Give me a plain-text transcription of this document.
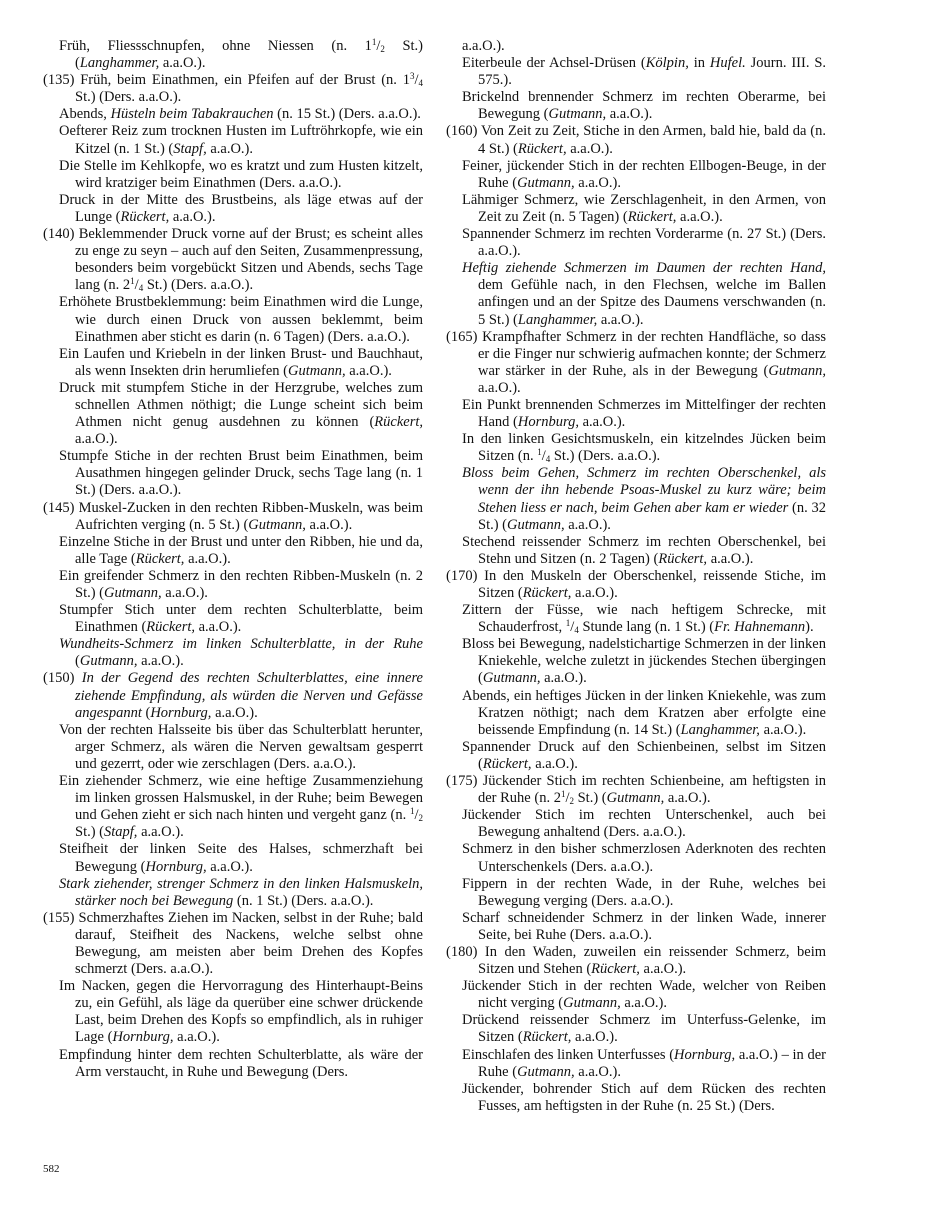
Früh, Fliessschnupfen, ohne Niessen (n. $1^1/_2$ St.) (Langhammer, a.a.O.).

(135) Früh, beim Einathmen, ein Pfeifen auf der Brust (n. $1^3/_4$ St.) (Ders. a.a.O.).

Abends, Hüsteln beim Tabakrauchen (n. 15 St.) (Ders. a.a.O.).

Oefterer Reiz zum trocknen Husten im Luftröhrkopfe, wie ein Kitzel (n. 1 St.) (Stapf, a.a.O.).

Die Stelle im Kehlkopfe, wo es kratzt und zum Husten kitzelt, wird kratziger beim Einathmen (Ders. a.a.O.).

Druck in der Mitte des Brustbeins, als läge etwas auf der Lunge (Rückert, a.a.O.).

(140) Beklemmender Druck vorne auf der Brust; es scheint alles zu enge zu seyn – auch auf den Seiten, Zusammenpressung, besonders beim vorgebückt Sitzen und Abends, sechs Tage lang (n. $2^1/_4$ St.) (Ders. a.a.O.).

Erhöhete Brustbeklemmung: beim Einathmen wird die Lunge, wie durch einen Druck von aussen beklemmt, beim Einathmen aber sticht es darin (n. 6 Tagen) (Ders. a.a.O.).

Ein Laufen und Kriebeln in der linken Brust- und Bauchhaut, als wenn Insekten drin herumliefen (Gutmann, a.a.O.).

Druck mit stumpfem Stiche in der Herzgrube, welches zum schnellen Athmen nöthigt; die Lunge scheint sich beim Athmen nicht genug ausdehnen zu können (Rückert, a.a.O.).

Stumpfe Stiche in der rechten Brust beim Einathmen, beim Ausathmen hingegen gelinder Druck, sechs Tage lang (n. 1 St.) (Ders. a.a.O.).

(145) Muskel-Zucken in den rechten Ribben-Muskeln, was beim Aufrichten verging (n. 5 St.) (Gutmann, a.a.O.).

Einzelne Stiche in der Brust und unter den Ribben, hie und da, alle Tage (Rückert, a.a.O.).

Ein greifender Schmerz in den rechten Ribben-Muskeln (n. 2 St.) (Gutmann, a.a.O.).

Stumpfer Stich unter dem rechten Schulterblatte, beim Einathmen (Rückert, a.a.O.).

Wundheits-Schmerz im linken Schulterblatte, in der Ruhe (Gutmann, a.a.O.).

(150) In der Gegend des rechten Schulterblattes, eine innere ziehende Empfindung, als würden die Nerven und Gefässe angespannt (Hornburg, a.a.O.).

Von der rechten Halsseite bis über das Schulterblatt herunter, arger Schmerz, als wären die Nerven gewaltsam gesperrt und gezerrt, oder wie zerschlagen (Ders. a.a.O.).

Ein ziehender Schmerz, wie eine heftige Zusammenziehung im linken grossen Halsmuskel, in der Ruhe; beim Bewegen und Gehen zieht er sich nach hinten und vergeht ganz (n. $^1/_2$ St.) (Stapf, a.a.O.).

Steifheit der linken Seite des Halses, schmerzhaft bei Bewegung (Hornburg, a.a.O.).

Stark ziehender, strenger Schmerz in den linken Halsmuskeln, stärker noch bei Bewegung (n. 1 St.) (Ders. a.a.O.).

(155) Schmerzhaftes Ziehen im Nacken, selbst in der Ruhe; bald darauf, Steifheit des Nackens, welche selbst ohne Bewegung, am meisten aber beim Drehen des Kopfes schmerzt (Ders. a.a.O.).

Im Nacken, gegen die Hervorragung des Hinterhaupt-Beins zu, ein Gefühl, als läge da querüber eine schwer drückende Last, beim Drehen des Kopfs so empfindlich, als in ruhiger Lage (Hornburg, a.a.O.).

Empfindung hinter dem rechten Schulterblatte, als wäre der Arm verstaucht, in Ruhe und Bewegung (Ders.

a.a.O.).

Eiterbeule der Achsel-Drüsen (Kölpin, in Hufel. Journ. III. S. 575.).

Brickelnd brennender Schmerz im rechten Oberarme, bei Bewegung (Gutmann, a.a.O.).

(160) Von Zeit zu Zeit, Stiche in den Armen, bald hie, bald da (n. 4 St.) (Rückert, a.a.O.).

Feiner, jückender Stich in der rechten Ellbogen-Beuge, in der Ruhe (Gutmann, a.a.O.).

Lähmiger Schmerz, wie Zerschlagenheit, in den Armen, von Zeit zu Zeit (n. 5 Tagen) (Rückert, a.a.O.).

Spannender Schmerz im rechten Vorderarme (n. 27 St.) (Ders. a.a.O.).

Heftig ziehende Schmerzen im Daumen der rechten Hand, dem Gefühle nach, in den Flechsen, welche im Ballen anfingen und an der Spitze des Daumens verschwanden (n. 5 St.) (Langhammer, a.a.O.).

(165) Krampfhafter Schmerz in der rechten Handfläche, so dass er die Finger nur schwierig aufmachen konnte; der Schmerz war stärker in der Ruhe, als in der Bewegung (Gutmann, a.a.O.).

Ein Punkt brennenden Schmerzes im Mittelfinger der rechten Hand (Hornburg, a.a.O.).

In den linken Gesichtsmuskeln, ein kitzelndes Jücken beim Sitzen (n. $^1/_4$ St.) (Ders. a.a.O.).

Bloss beim Gehen, Schmerz im rechten Oberschenkel, als wenn der ihn hebende Psoas-Muskel zu kurz wäre; beim Stehen liess er nach, beim Gehen aber kam er wieder (n. 32 St.) (Gutmann, a.a.O.).

Stechend reissender Schmerz im rechten Oberschenkel, bei Stehn und Sitzen (n. 2 Tagen) (Rückert, a.a.O.).

(170) In den Muskeln der Oberschenkel, reissende Stiche, im Sitzen (Rückert, a.a.O.).

Zittern der Füsse, wie nach heftigem Schrecke, mit Schauderfrost, $^1/_4$ Stunde lang (n. 1 St.) (Fr. Hahnemann).

Bloss bei Bewegung, nadelstichartige Schmerzen in der linken Kniekehle, welche zuletzt in jückendes Stechen übergingen (Gutmann, a.a.O.).

Abends, ein heftiges Jücken in der linken Kniekehle, was zum Kratzen nöthigt; nach dem Kratzen aber erfolgte eine beissende Empfindung (n. 14 St.) (Langhammer, a.a.O.).

Spannender Druck auf den Schienbeinen, selbst im Sitzen (Rückert, a.a.O.).

(175) Jückender Stich im rechten Schienbeine, am heftigsten in der Ruhe (n. $2^1/_2$ St.) (Gutmann, a.a.O.).

Jückender Stich im rechten Unterschenkel, auch bei Bewegung anhaltend (Ders. a.a.O.).

Schmerz in den bisher schmerzlosen Aderknoten des rechten Unterschenkels (Ders. a.a.O.).

Fippern in der rechten Wade, in der Ruhe, welches bei Bewegung verging (Ders. a.a.O.).

Scharf schneidender Schmerz in der linken Wade, innerer Seite, bei Ruhe (Ders. a.a.O.).

(180) In den Waden, zuweilen ein reissender Schmerz, beim Sitzen und Stehen (Rückert, a.a.O.).

Jückender Stich in der rechten Wade, welcher von Reiben nicht verging (Gutmann, a.a.O.).

Drückend reissender Schmerz im Unterfuss-Gelenke, im Sitzen (Rückert, a.a.O.).

Einschlafen des linken Unterfusses (Hornburg, a.a.O.) – in der Ruhe (Gutmann, a.a.O.).

Jückender, bohrender Stich auf dem Rücken des rechten Fusses, am heftigsten in der Ruhe (n. 25 St.) (Ders.

582
